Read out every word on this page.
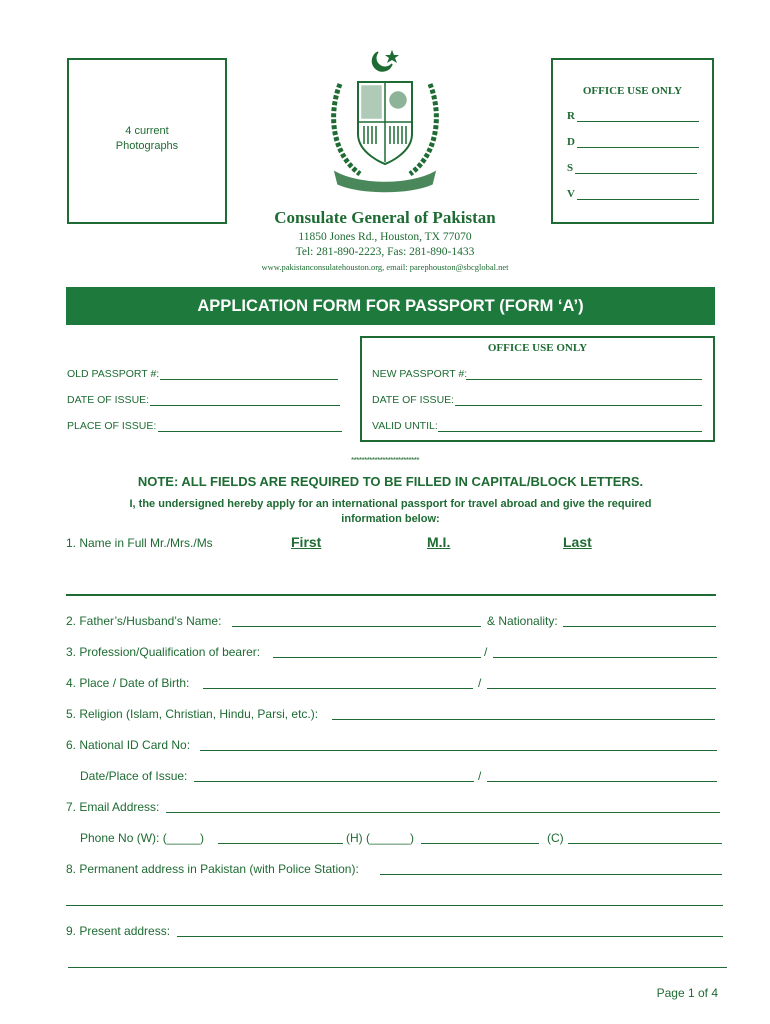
4 current
Photographs
OFFICE USE ONLY
R
D
S
V
Consulate General of Pakistan
11850 Jones Rd., Houston, TX 77070
Tel: 281-890-2223, Fas: 281-890-1433
www.pakistanconsulatehouston.org, email: parephouston@sbcglobal.net
APPLICATION FORM FOR PASSPORT (FORM ‘A’)
OFFICE USE ONLY
OLD PASSPORT #:
DATE OF ISSUE:
PLACE OF ISSUE:
NEW PASSPORT #:
DATE OF ISSUE:
VALID UNTIL:
**************************
NOTE: ALL FIELDS ARE REQUIRED TO BE FILLED IN CAPITAL/BLOCK LETTERS.
I, the undersigned hereby apply for an international passport for travel abroad and give the required
information below:
1. Name in Full Mr./Mrs./Ms	First	M.I.	Last
2. Father’s/Husband’s Name:	& Nationality:
3. Profession/Qualification of bearer:	/
4. Place / Date of Birth:	/
5. Religion (Islam, Christian, Hindu, Parsi, etc.):
6. National ID Card No:
Date/Place of Issue:	/
7. Email Address:
Phone No (W): (_____)	(H) (______)	(C)
8. Permanent address in Pakistan (with Police Station):
9. Present address:
Page 1 of 4
